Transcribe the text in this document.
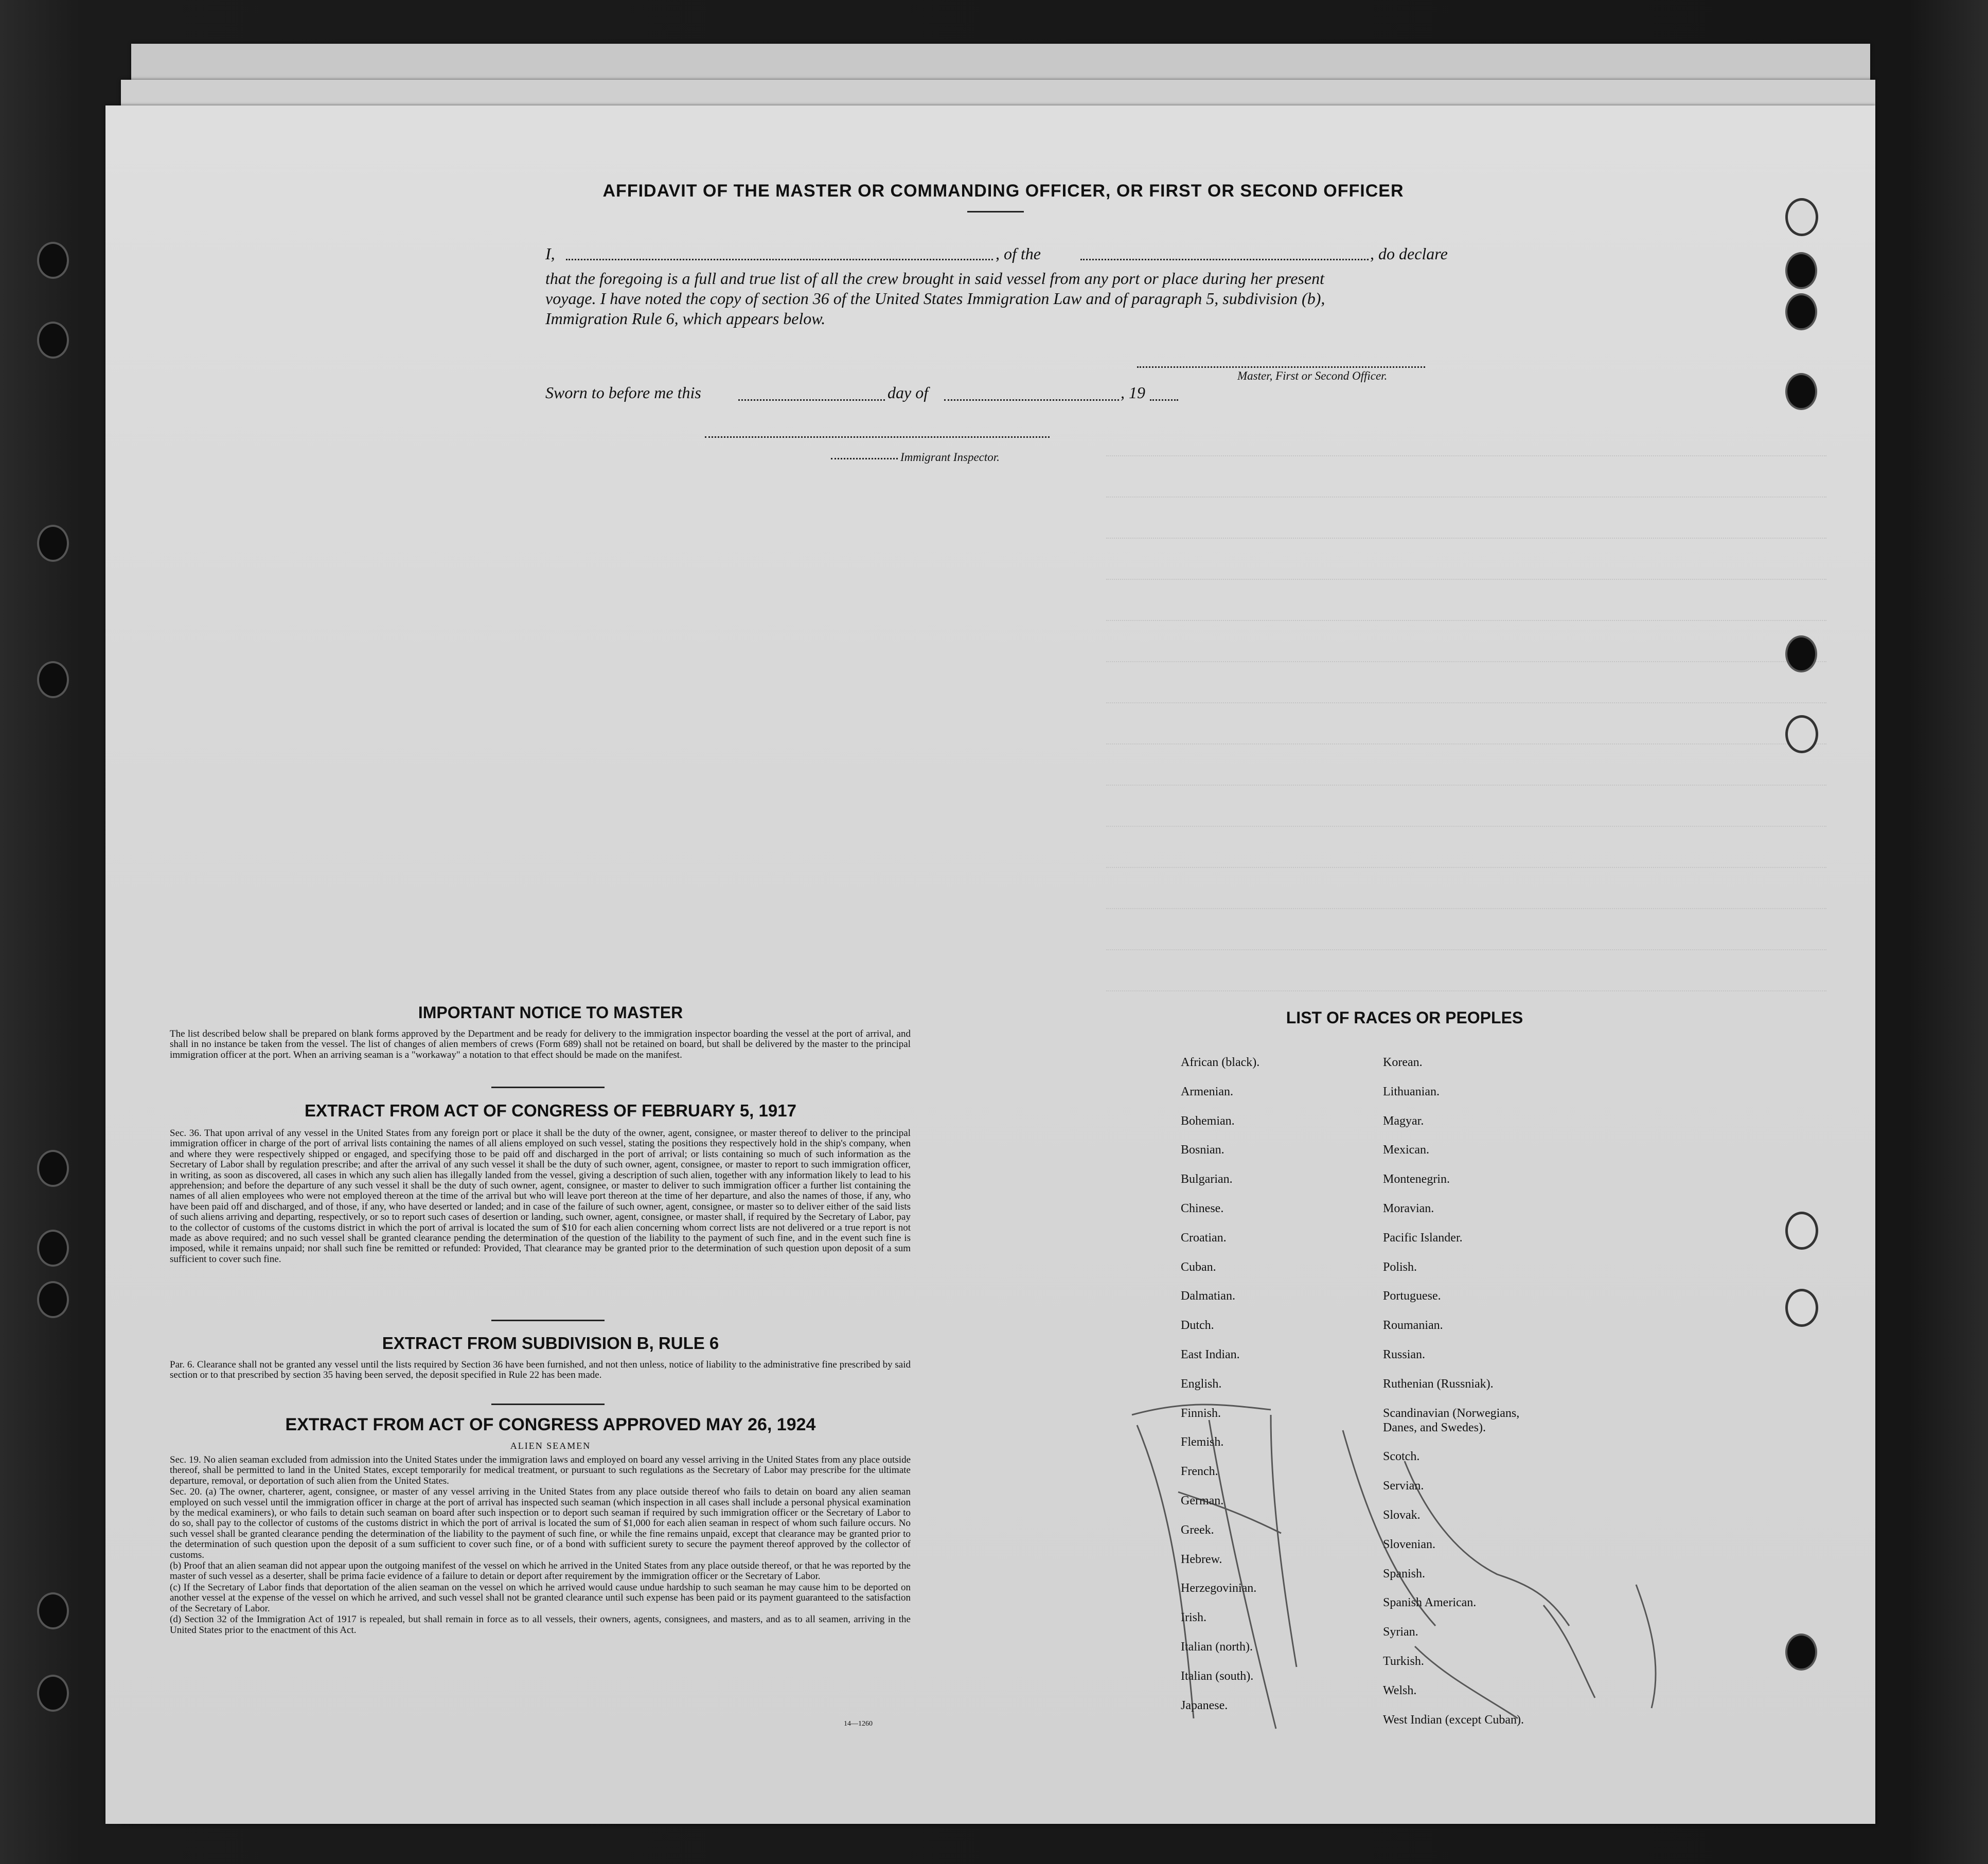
AFFIDAVIT OF THE MASTER OR COMMANDING OFFICER, OR FIRST OR SECOND OFFICER
I,	, of the	, do declare
that the foregoing is a full and true list of all the crew brought in said vessel from any port or place during her present
voyage. I have noted the copy of section 36 of the United States Immigration Law and of paragraph 5, subdivision (b),
Immigration Rule 6, which appears below.
Master, First or Second Officer.
Sworn to before me this	day of	, 19
Immigrant Inspector.
IMPORTANT NOTICE TO MASTER

The list described below shall be prepared on blank forms approved by the Department and be ready for delivery to the immigration inspector boarding the vessel at the port of arrival, and shall in no instance be taken from the vessel. The list of changes of alien members of crews (Form 689) shall not be retained on board, but shall be delivered by the master to the principal immigration officer at the port. When an arriving seaman is a "workaway" a notation to that effect should be made on the manifest.

EXTRACT FROM ACT OF CONGRESS OF FEBRUARY 5, 1917

Sec. 36. That upon arrival of any vessel in the United States from any foreign port or place it shall be the duty of the owner, agent, consignee, or master thereof to deliver to the principal immigration officer in charge of the port of arrival lists containing the names of all aliens employed on such vessel, stating the positions they respectively hold in the ship's company, when and where they were respectively shipped or engaged, and specifying those to be paid off and discharged in the port of arrival; or lists containing so much of such information as the Secretary of Labor shall by regulation prescribe; and after the arrival of any such vessel it shall be the duty of such owner, agent, consignee, or master to report to such immigration officer, in writing, as soon as discovered, all cases in which any such alien has illegally landed from the vessel, giving a description of such alien, together with any information likely to lead to his apprehension; and before the departure of any such vessel it shall be the duty of such owner, agent, consignee, or master to deliver to such immigration officer a further list containing the names of all alien employees who were not employed thereon at the time of the arrival but who will leave port thereon at the time of her departure, and also the names of those, if any, who have been paid off and discharged, and of those, if any, who have deserted or landed; and in case of the failure of such owner, agent, consignee, or master so to deliver either of the said lists of such aliens arriving and departing, respectively, or so to report such cases of desertion or landing, such owner, agent, consignee, or master shall, if required by the Secretary of Labor, pay to the collector of customs of the customs district in which the port of arrival is located the sum of $10 for each alien concerning whom correct lists are not delivered or a true report is not made as above required; and no such vessel shall be granted clearance pending the determination of the question of the liability to the payment of such fine, and in the event such fine is imposed, while it remains unpaid; nor shall such fine be remitted or refunded: Provided, That clearance may be granted prior to the determination of such question upon deposit of a sum sufficient to cover such fine.

EXTRACT FROM SUBDIVISION B, RULE 6

Par. 6. Clearance shall not be granted any vessel until the lists required by Section 36 have been furnished, and not then unless, notice of liability to the administrative fine prescribed by said section or to that prescribed by section 35 having been served, the deposit specified in Rule 22 has been made.

EXTRACT FROM ACT OF CONGRESS APPROVED MAY 26, 1924
ALIEN SEAMEN

Sec. 19. No alien seaman excluded from admission into the United States under the immigration laws and employed on board any vessel arriving in the United States from any place outside thereof, shall be permitted to land in the United States, except temporarily for medical treatment, or pursuant to such regulations as the Secretary of Labor may prescribe for the ultimate departure, removal, or deportation of such alien from the United States.

Sec. 20. (a) The owner, charterer, agent, consignee, or master of any vessel arriving in the United States from any place outside thereof who fails to detain on board any alien seaman employed on such vessel until the immigration officer in charge at the port of arrival has inspected such seaman (which inspection in all cases shall include a personal physical examination by the medical examiners), or who fails to detain such seaman on board after such inspection or to deport such seaman if required by such immigration officer or the Secretary of Labor to do so, shall pay to the collector of customs of the customs district in which the port of arrival is located the sum of $1,000 for each alien seaman in respect of whom such failure occurs. No such vessel shall be granted clearance pending the determination of the liability to the payment of such fine, or while the fine remains unpaid, except that clearance may be granted prior to the determination of such question upon the deposit of a sum sufficient to cover such fine, or of a bond with sufficient surety to secure the payment thereof approved by the collector of customs.

(b) Proof that an alien seaman did not appear upon the outgoing manifest of the vessel on which he arrived in the United States from any place outside thereof, or that he was reported by the master of such vessel as a deserter, shall be prima facie evidence of a failure to detain or deport after requirement by the immigration officer or the Secretary of Labor.

(c) If the Secretary of Labor finds that deportation of the alien seaman on the vessel on which he arrived would cause undue hardship to such seaman he may cause him to be deported on another vessel at the expense of the vessel on which he arrived, and such vessel shall not be granted clearance until such expense has been paid or its payment guaranteed to the satisfaction of the Secretary of Labor.

(d) Section 32 of the Immigration Act of 1917 is repealed, but shall remain in force as to all vessels, their owners, agents, consignees, and masters, and as to all seamen, arriving in the United States prior to the enactment of this Act.

14—1260
LIST OF RACES OR PEOPLES
African (black).
Armenian.
Bohemian.
Bosnian.
Bulgarian.
Chinese.
Croatian.
Cuban.
Dalmatian.
Dutch.
East Indian.
English.
Finnish.
Flemish.
French.
German.
Greek.
Hebrew.
Herzegovinian.
Irish.
Italian (north).
Italian (south).
Japanese.
Korean.
Lithuanian.
Magyar.
Mexican.
Montenegrin.
Moravian.
Pacific Islander.
Polish.
Portuguese.
Roumanian.
Russian.
Ruthenian (Russniak).
Scandinavian (Norwegians,
Danes, and Swedes).
Scotch.
Servian.
Slovak.
Slovenian.
Spanish.
Spanish American.
Syrian.
Turkish.
Welsh.
West Indian (except Cuban).
